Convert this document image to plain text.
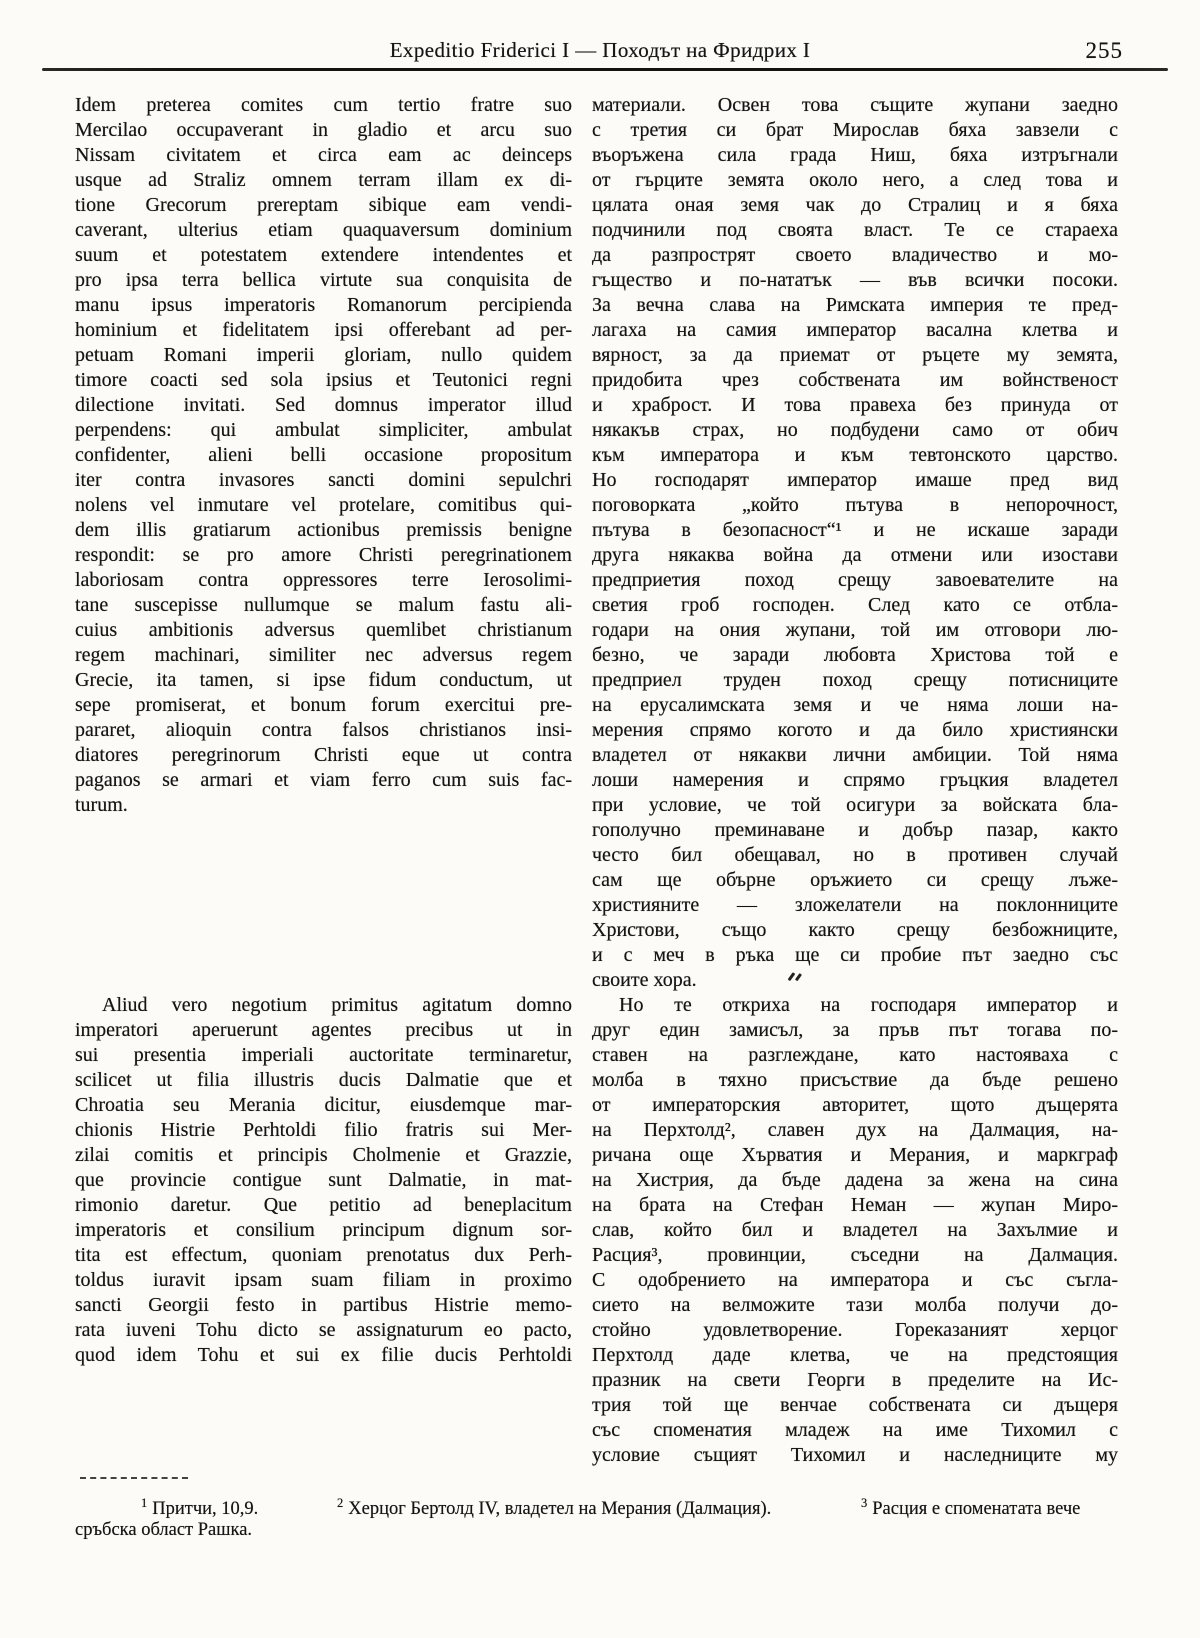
Expeditio Friderici I — Походът на Фридрих I	255
Idem preterea comites cum tertio fratre suo
Mercilao occupaverant in gladio et arcu suo
Nissam civitatem et circa eam ac deinceps
usque ad Straliz omnem terram illam ex di-
tione Grecorum prereptam sibique eam vendi-
caverant, ulterius etiam quaquaversum dominium
suum et potestatem extendere intendentes et
pro ipsa terra bellica virtute sua conquisita de
manu ipsus imperatoris Romanorum percipienda
hominium et fidelitatem ipsi offerebant ad per-
petuam Romani imperii gloriam, nullo quidem
timore coacti sed sola ipsius et Teutonici regni
dilectione invitati. Sed domnus imperator illud
perpendens: qui ambulat simpliciter, ambulat
confidenter, alieni belli occasione propositum
iter contra invasores sancti domini sepulchri
nolens vel inmutare vel protelare, comitibus qui-
dem illis gratiarum actionibus premissis benigne
respondit: se pro amore Christi peregrinationem
laboriosam contra oppressores terre Ierosolimi-
tane suscepisse nullumque se malum fastu ali-
cuius ambitionis adversus quemlibet christianum
regem machinari, similiter nec adversus regem
Grecie, ita tamen, si ipse fidum conductum, ut
sepe promiserat, et bonum forum exercitui pre-
pararet, alioquin contra falsos christianos insi-
diatores peregrinorum Christi eque ut contra
paganos se armari et viam ferro cum suis fac-
turum.
Aliud vero negotium primitus agitatum domno
imperatori aperuerunt agentes precibus ut in
sui presentia imperiali auctoritate terminaretur,
scilicet ut filia illustris ducis Dalmatie que et
Chroatia seu Merania dicitur, eiusdemque mar-
chionis Histrie Perhtoldi filio fratris sui Mer-
zilai comitis et principis Cholmenie et Grazzie,
que provincie contigue sunt Dalmatie, in mat-
rimonio daretur. Que petitio ad beneplacitum
imperatoris et consilium principum dignum sor-
tita est effectum, quoniam prenotatus dux Perh-
toldus iuravit ipsam suam filiam in proximo
sancti Georgii festo in partibus Histrie memo-
rata iuveni Tohu dicto se assignaturum eo pacto,
quod idem Tohu et sui ex filie ducis Perhtoldi
материали. Освен това същите жупани заедно
с третия си брат Мирослав бяха завзели с
въоръжена сила града Ниш, бяха изтръгнали
от гърците земята около него, а след това и
цялата оная земя чак до Стралиц и я бяха
подчинили под своята власт. Те се стараеха
да разпрострят своето владичество и мо-
гъщество и по-нататък — във всички посоки.
За вечна слава на Римската империя те пред-
лагаха на самия император васална клетва и
вярност, за да приемат от ръцете му земята,
придобита чрез собствената им войнственост
и храброст. И това правеха без принуда от
някакъв страх, но подбудени само от обич
към императора и към тевтонското царство.
Но господарят император имаше пред вид
поговорката „който пътува в непорочност,
пътува в безопасност“¹ и не искаше заради
друга някаква война да отмени или изостави
предприетия поход срещу завоевателите на
светия гроб господен. След като се отбла-
годари на ония жупани, той им отговори лю-
безно, че заради любовта Христова той е
предприел труден поход срещу потисниците
на ерусалимската земя и че няма лоши на-
мерения спрямо когото и да било християнски
владетел от някакви лични амбиции. Той няма
лоши намерения и спрямо гръцкия владетел
при условие, че той осигури за войската бла-
гополучно преминаване и добър пазар, както
често бил обещавал, но в противен случай
сам ще обърне оръжието си срещу лъже-
християните — зложелатели на поклонниците
Христови, също както срещу безбожниците,
и с меч в ръка ще си пробие път заедно със
своите хора.
Но те откриха на господаря император и
друг един замисъл, за пръв път тогава по-
ставен на разглеждане, като настояваха с
молба в тяхно присъствие да бъде решено
от императорския авторитет, щото дъщерята
на Перхтолд², славен дух на Далмация, на-
ричана още Хърватия и Мерания, и маркграф
на Хистрия, да бъде дадена за жена на сина
на брата на Стефан Неман — жупан Миро-
слав, който бил и владетел на Захълмие и
Расция³, провинции, съседни на Далмация.
С одобрението на императора и със съгла-
сието на велможите тази молба получи до-
стойно удовлетворение. Гореказаният херцог
Перхтолд даде клетва, че на предстоящия
празник на свети Георги в пределите на Ис-
трия той ще венчае собствената си дъщеря
със споменатия младеж на име Тихомил с
условие същият Тихомил и наследниците му
$^1$ Притчи, 10,9.	$^2$ Херцог Бертолд IV, владетел на Мерания (Далмация).	$^3$ Расция е споменатата вече
сръбска област Рашка.
